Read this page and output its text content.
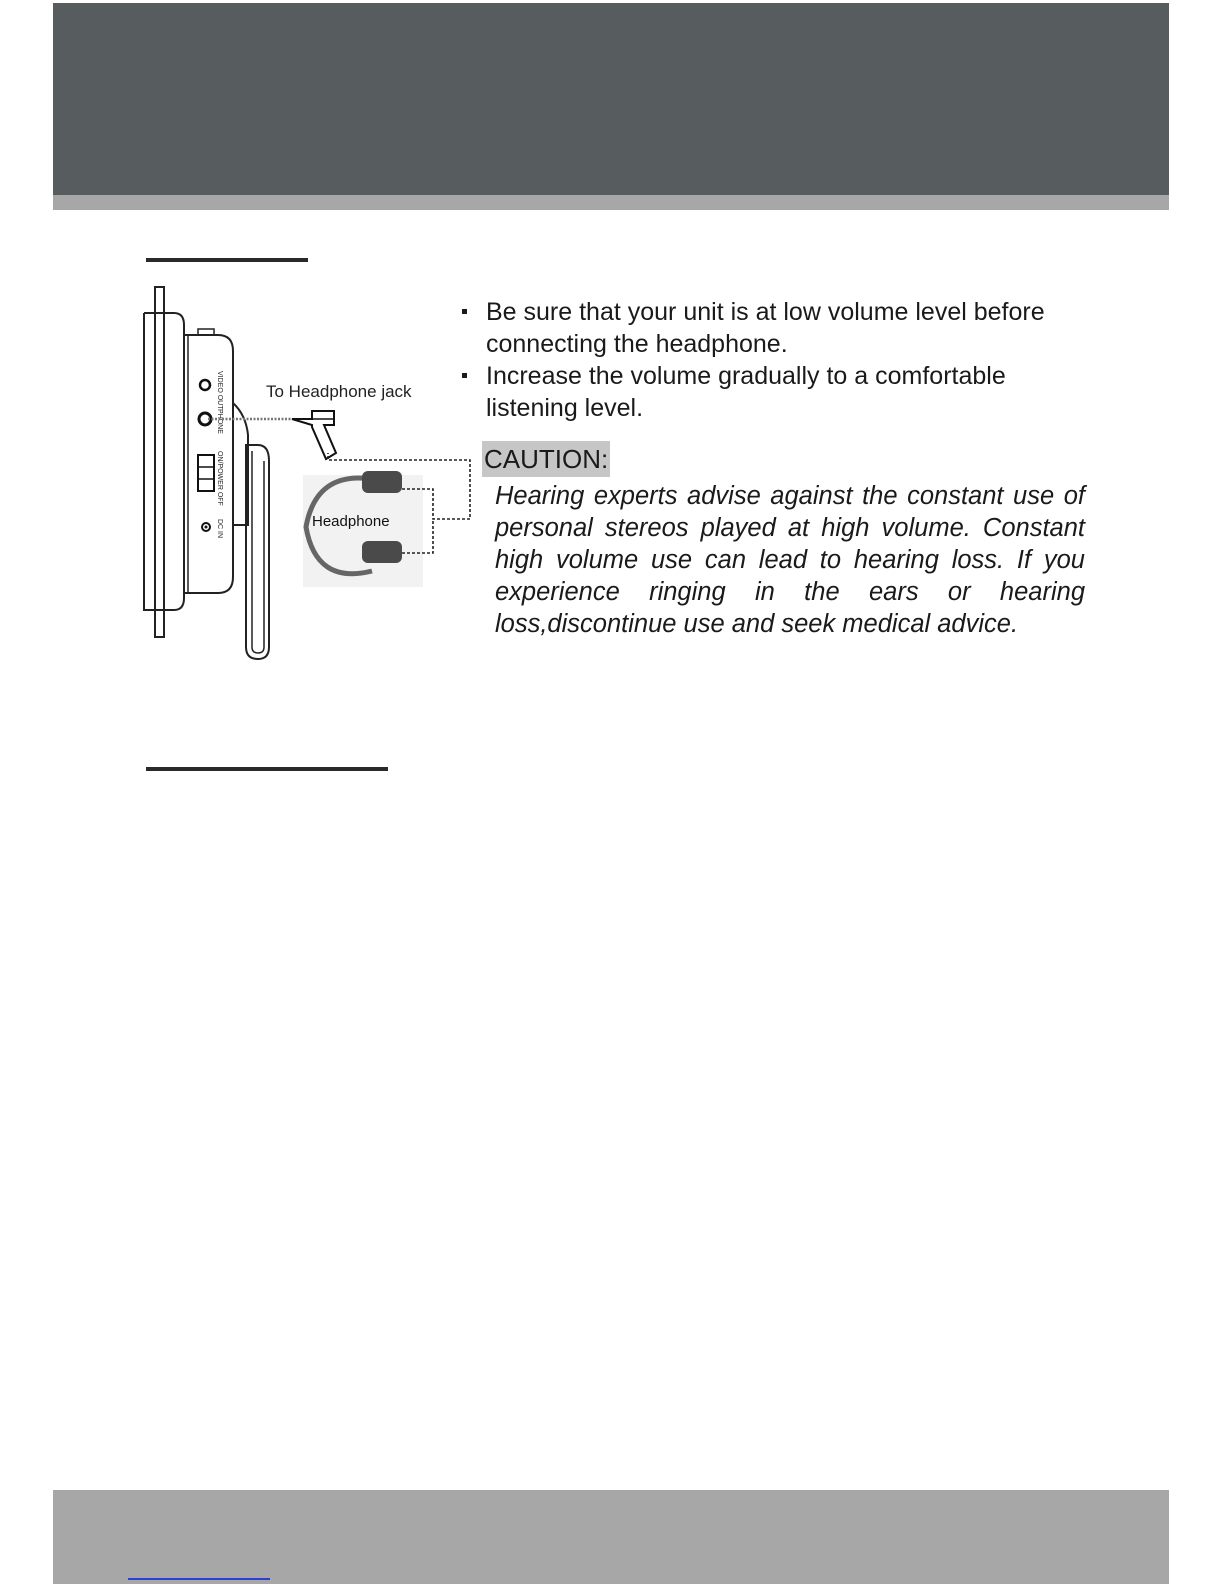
VIDEO OUT
PHONE
ON/POWER OFF
DC IN
To Headphone jack
Headphone
Be sure that your unit is at low volume level before connecting the headphone.
Increase the volume gradually to a comfortable listening level.
CAUTION:

Hearing experts advise against the constant use of personal stereos played at high volume. Constant high volume use can lead to hearing loss. If you experience ringing in the ears or hearing loss,discontinue use and seek medical advice.
